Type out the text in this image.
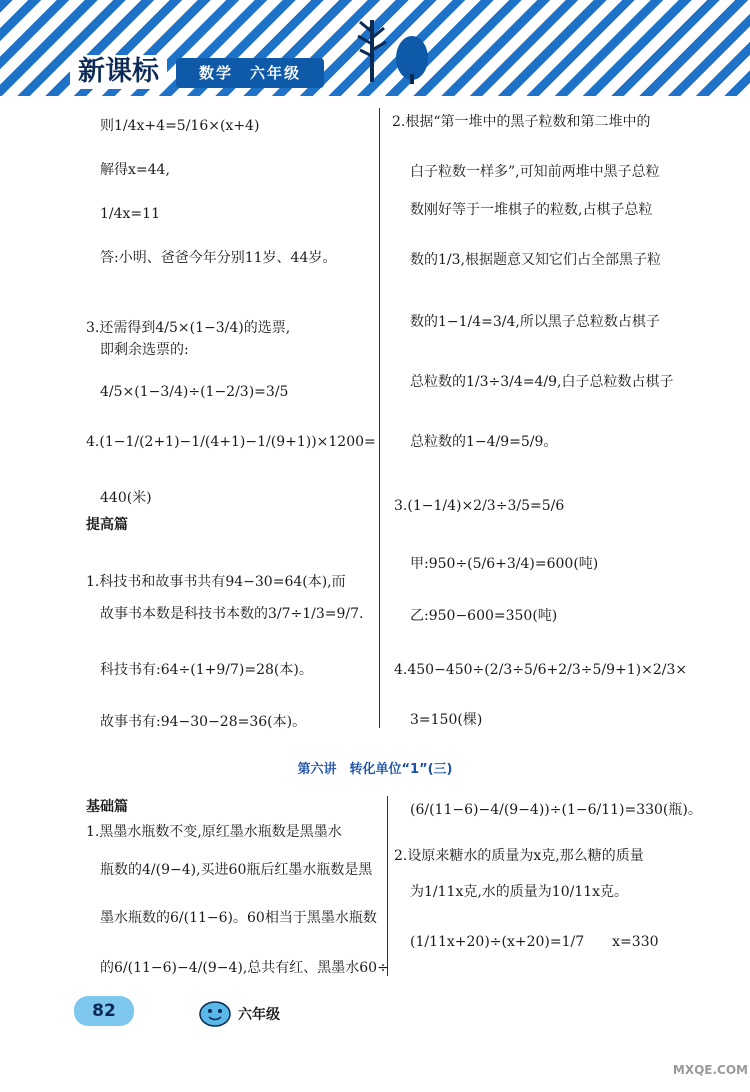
新课标	数学　六年级
则1/4x+4=5/16×(x+4)
解得x=44,
1/4x=11
答:小明、爸爸今年分别11岁、44岁。
3.还需得到4/5×(1−3/4)的选票,
即剩余选票的:
4/5×(1−3/4)÷(1−2/3)=3/5
4.(1−1/(2+1)−1/(4+1)−1/(9+1))×1200=
440(米)
提高篇
1.科技书和故事书共有94−30=64(本),而
故事书本数是科技书本数的3/7÷1/3=9/7.
科技书有:64÷(1+9/7)=28(本)。
故事书有:94−30−28=36(本)。
2.根据“第一堆中的黑子粒数和第二堆中的
白子粒数一样多”,可知前两堆中黑子总粒
数刚好等于一堆棋子的粒数,占棋子总粒
数的1/3,根据题意又知它们占全部黑子粒
数的1−1/4=3/4,所以黑子总粒数占棋子
总粒数的1/3÷3/4=4/9,白子总粒数占棋子
总粒数的1−4/9=5/9。
3.(1−1/4)×2/3÷3/5=5/6
甲:950÷(5/6+3/4)=600(吨)
乙:950−600=350(吨)
4.450−450÷(2/3÷5/6+2/3÷5/9+1)×2/3×
3=150(棵)
第六讲　转化单位“1”(三)
基础篇
1.黑墨水瓶数不变,原红墨水瓶数是黑墨水
瓶数的4/(9−4),买进60瓶后红墨水瓶数是黑
墨水瓶数的6/(11−6)。60相当于黑墨水瓶数
的6/(11−6)−4/(9−4),总共有红、黑墨水60÷
(6/(11−6)−4/(9−4))÷(1−6/11)=330(瓶)。
2.设原来糖水的质量为x克,那么糖的质量
为1/11x克,水的质量为10/11x克。
(1/11x+20)÷(x+20)=1/7　　x=330
82	六年级
MXQE.COM
